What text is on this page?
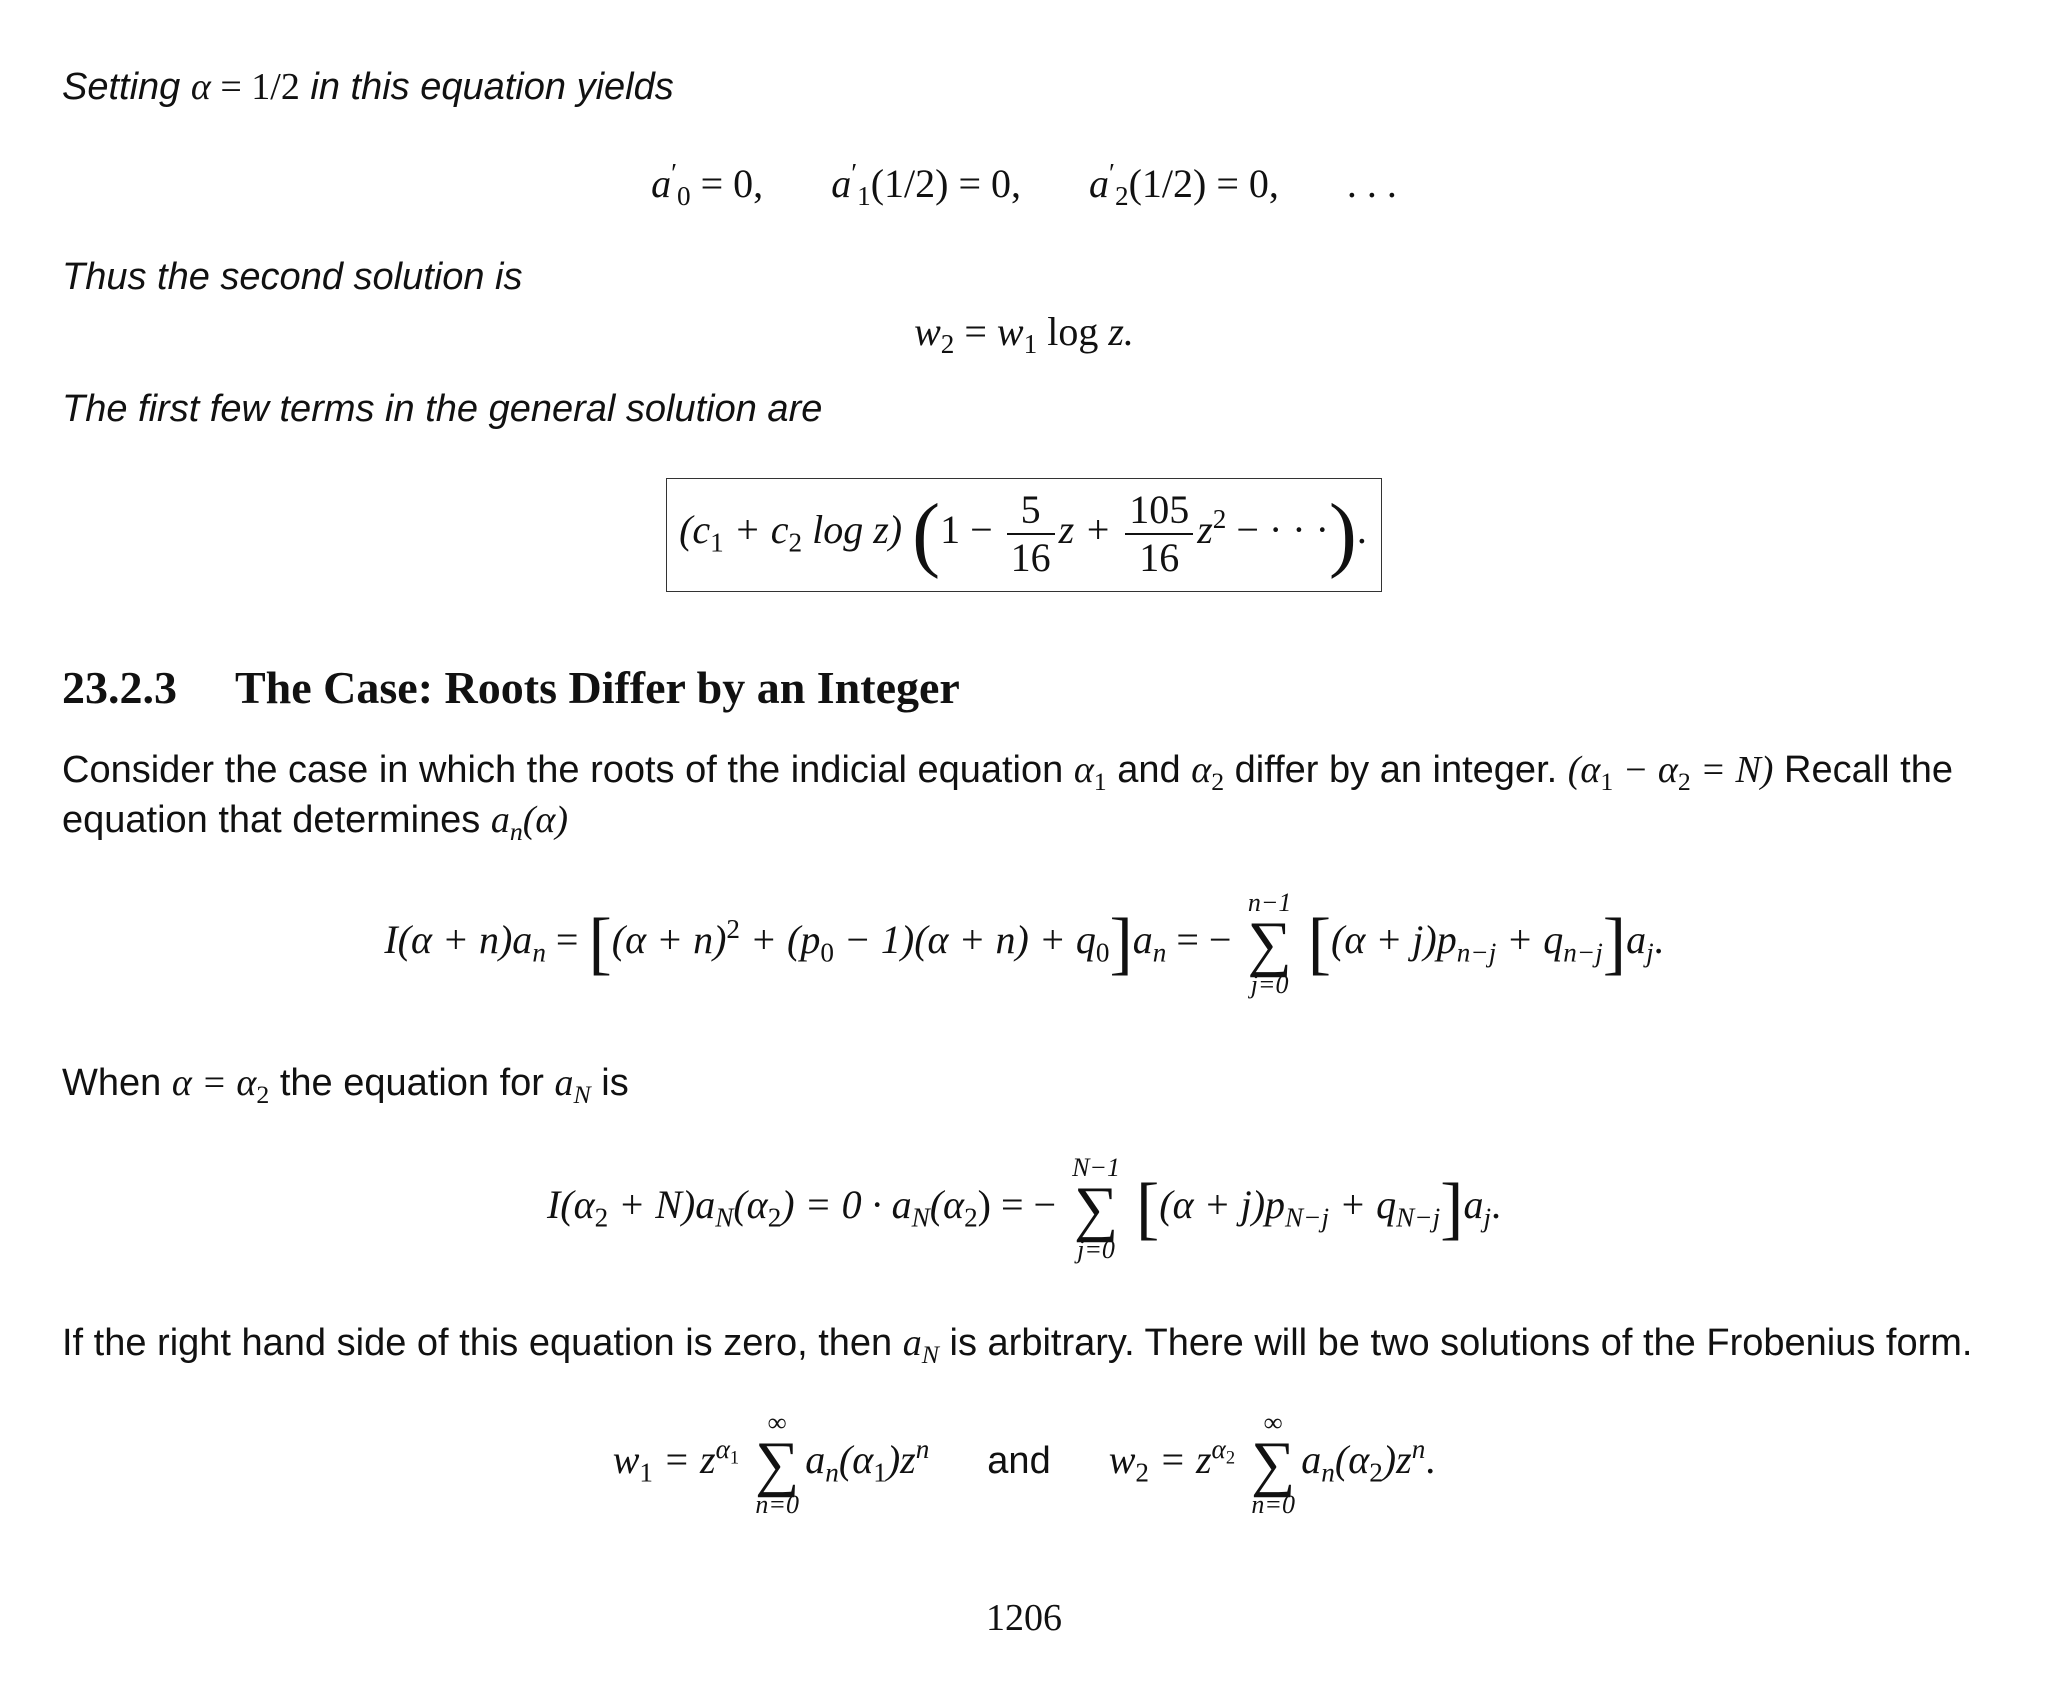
Setting α = 1/2 in this equation yields
$a'_0 = 0$, $a'_1(1/2) = 0$, $a'_2(1/2) = 0$, . . .
Thus the second solution is
$w_2 = w_1$ log z.
The first few terms in the general solution are
($c_1 + c_2$ log z) ($1 - \frac{5}{16}$ $z + \frac{105}{16} z^2$ − · · ·).
23.2.3 The Case: Roots Differ by an Integer
Consider the case in which the roots of the indicial equation $\alpha_1$ and $\alpha_2$ differ by an integer. $(\alpha_1 - \alpha_2 = N)$ Recall the
equation that determines $a_n(\alpha)$
$I(\alpha + n)a_n = [(\alpha + n)^2 + (p_0 - 1)(\alpha + n) + q_0]a_n$ = −
n−1
∑
j=0
$[(\alpha + j)p_{n-j} + q_{n-j}]a_j$.
When $\alpha = \alpha_2$ the equation for $a_N$ is
$I(\alpha_2 + N)a_N(\alpha_2) = 0 \cdot a_N(\alpha_2)$ = −
N−1
∑
j=0
$[(\alpha + j)p_{N-j} + q_{N-j}]a_j$.
If the right hand side of this equation is zero, then $a_N$ is arbitrary. There will be two solutions of the Frobenius form.
$w_1 = z^{\alpha_1}$
∞
∑
n=0
$a_n(\alpha_1)z^n$ and $w_2 = z^{\alpha_2}$
∞
∑
n=0
$a_n(\alpha_2)z^n$.
1206
